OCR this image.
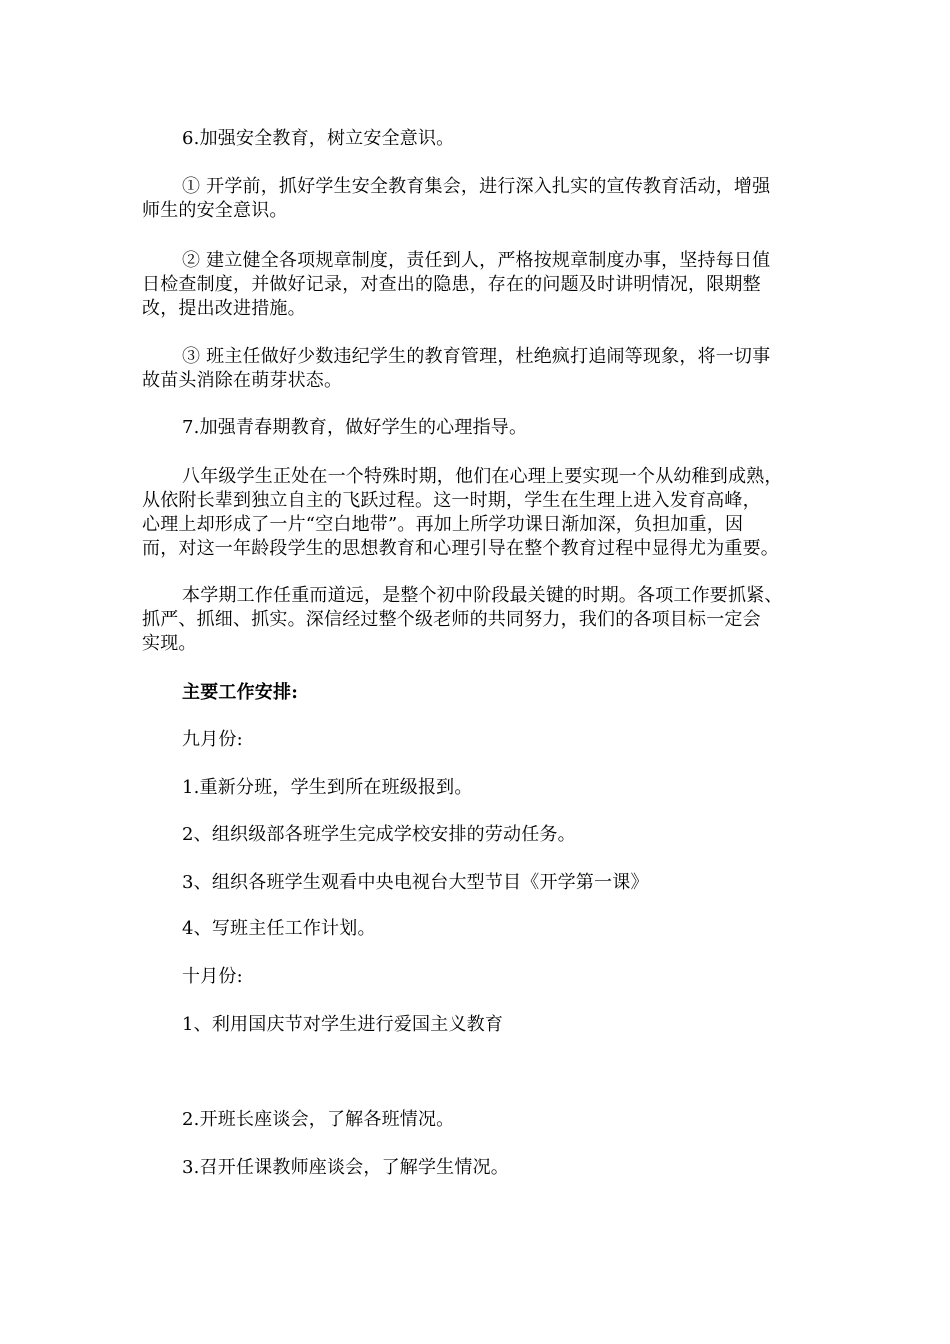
6.加强安全教育，树立安全意识。

① 开学前，抓好学生安全教育集会，进行深入扎实的宣传教育活动，增强
师生的安全意识。

② 建立健全各项规章制度，责任到人，严格按规章制度办事，坚持每日值
日检查制度，并做好记录，对查出的隐患，存在的问题及时讲明情况，限期整
改，提出改进措施。

③ 班主任做好少数违纪学生的教育管理，杜绝疯打追闹等现象，将一切事
故苗头消除在萌芽状态。

7.加强青春期教育，做好学生的心理指导。

八年级学生正处在一个特殊时期，他们在心理上要实现一个从幼稚到成熟，
从依附长辈到独立自主的飞跃过程。这一时期，学生在生理上进入发育高峰，
心理上却形成了一片“空白地带”。再加上所学功课日渐加深，负担加重，因
而，对这一年龄段学生的思想教育和心理引导在整个教育过程中显得尤为重要。

本学期工作任重而道远，是整个初中阶段最关键的时期。各项工作要抓紧、
抓严、抓细、抓实。深信经过整个级老师的共同努力，我们的各项目标一定会
实现。

主要工作安排:

九月份:

1.重新分班，学生到所在班级报到。

2、组织级部各班学生完成学校安排的劳动任务。

3、组织各班学生观看中央电视台大型节目《开学第一课》

4、写班主任工作计划。

十月份:

1、利用国庆节对学生进行爱国主义教育

2.开班长座谈会，了解各班情况。

3.召开任课教师座谈会，了解学生情况。
